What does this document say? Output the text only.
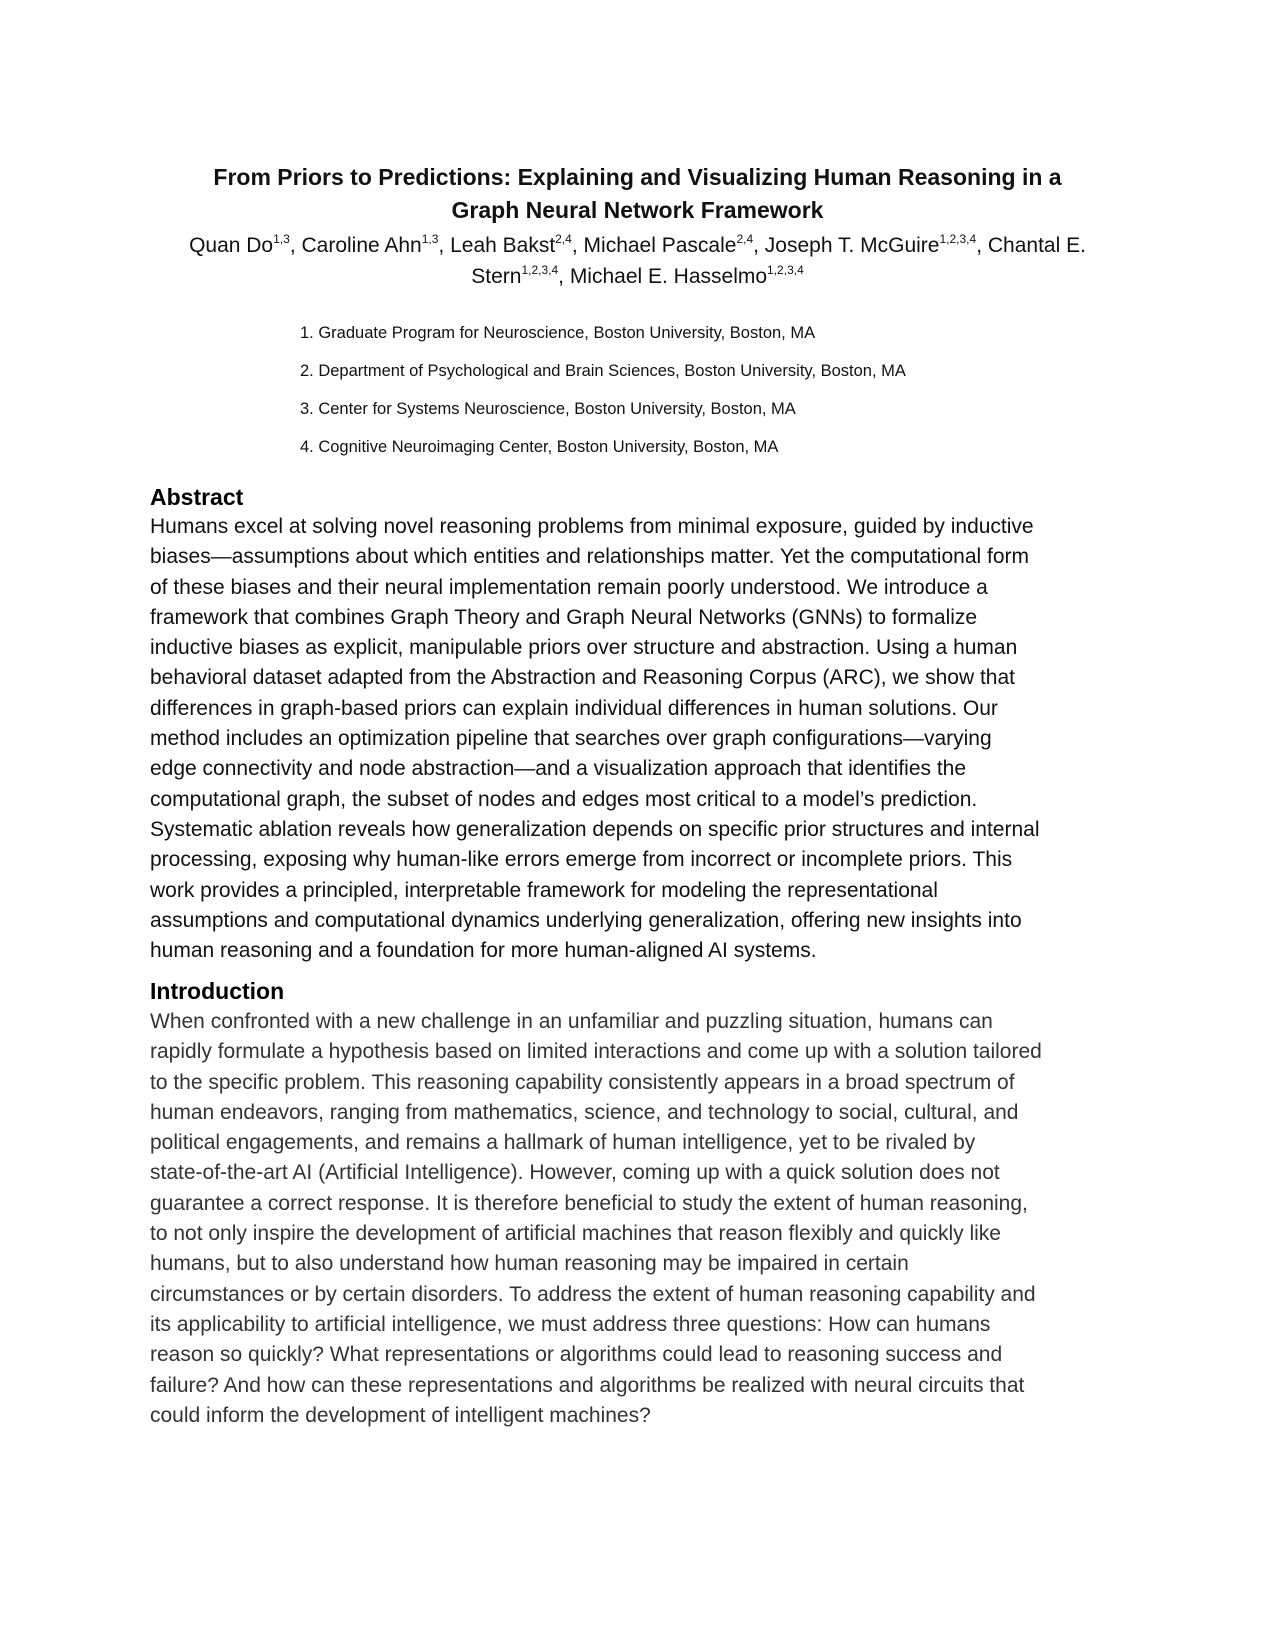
From Priors to Predictions: Explaining and Visualizing Human Reasoning in a
Graph Neural Network Framework
Quan Do$^{1,3}$, Caroline Ahn$^{1,3}$, Leah Bakst$^{2,4}$, Michael Pascale$^{2,4}$, Joseph T. McGuire$^{1,2,3,4}$, Chantal E. Stern$^{1,2,3,4}$, Michael E. Hasselmo$^{1,2,3,4}$
1. Graduate Program for Neuroscience, Boston University, Boston, MA
2. Department of Psychological and Brain Sciences, Boston University, Boston, MA
3. Center for Systems Neuroscience, Boston University, Boston, MA
4. Cognitive Neuroimaging Center, Boston University, Boston, MA
Abstract
Humans excel at solving novel reasoning problems from minimal exposure, guided by inductive
biases—assumptions about which entities and relationships matter. Yet the computational form
of these biases and their neural implementation remain poorly understood. We introduce a
framework that combines Graph Theory and Graph Neural Networks (GNNs) to formalize
inductive biases as explicit, manipulable priors over structure and abstraction. Using a human
behavioral dataset adapted from the Abstraction and Reasoning Corpus (ARC), we show that
differences in graph-based priors can explain individual differences in human solutions. Our
method includes an optimization pipeline that searches over graph configurations—varying
edge connectivity and node abstraction—and a visualization approach that identifies the
computational graph, the subset of nodes and edges most critical to a model’s prediction.
Systematic ablation reveals how generalization depends on specific prior structures and internal
processing, exposing why human-like errors emerge from incorrect or incomplete priors. This
work provides a principled, interpretable framework for modeling the representational
assumptions and computational dynamics underlying generalization, offering new insights into
human reasoning and a foundation for more human-aligned AI systems.
Introduction
When confronted with a new challenge in an unfamiliar and puzzling situation, humans can
rapidly formulate a hypothesis based on limited interactions and come up with a solution tailored
to the specific problem. This reasoning capability consistently appears in a broad spectrum of
human endeavors, ranging from mathematics, science, and technology to social, cultural, and
political engagements, and remains a hallmark of human intelligence, yet to be rivaled by
state-of-the-art AI (Artificial Intelligence). However, coming up with a quick solution does not
guarantee a correct response. It is therefore beneficial to study the extent of human reasoning,
to not only inspire the development of artificial machines that reason flexibly and quickly like
humans, but to also understand how human reasoning may be impaired in certain
circumstances or by certain disorders. To address the extent of human reasoning capability and
its applicability to artificial intelligence, we must address three questions: How can humans
reason so quickly? What representations or algorithms could lead to reasoning success and
failure? And how can these representations and algorithms be realized with neural circuits that
could inform the development of intelligent machines?
